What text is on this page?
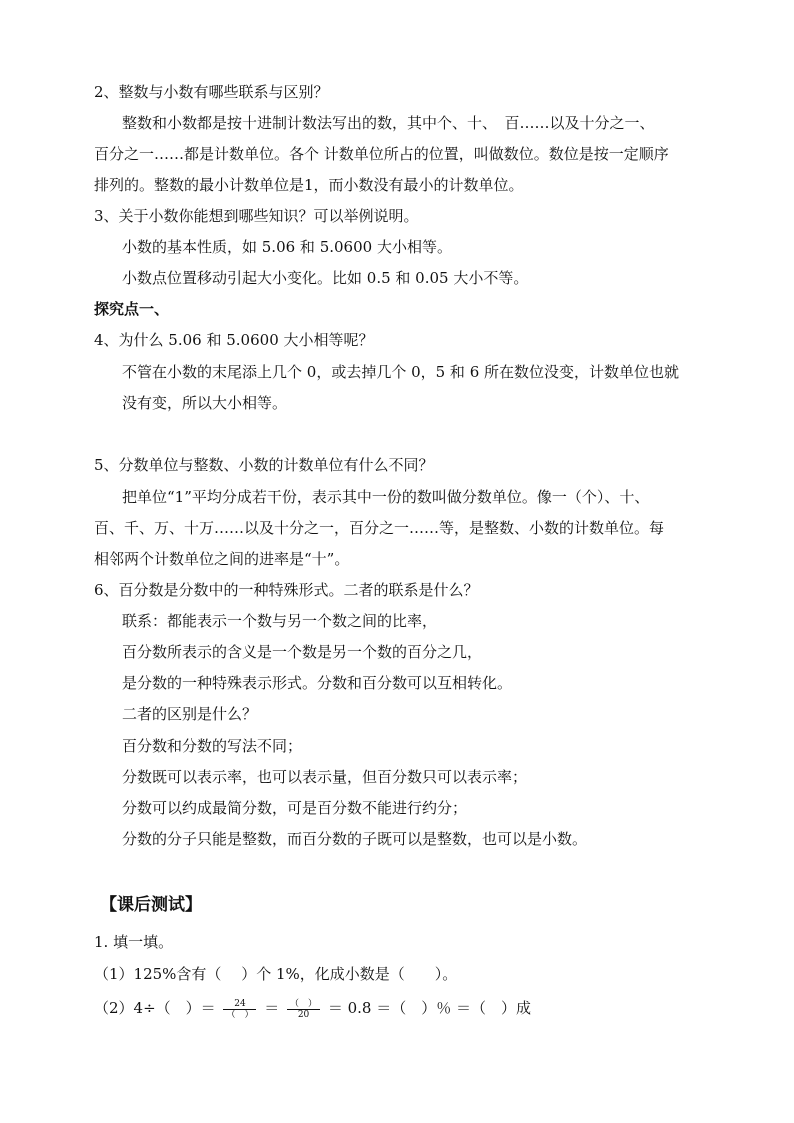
2、整数与小数有哪些联系与区别？
整数和小数都是按十进制计数法写出的数，其中个、十、　百……以及十分之一、
百分之一……都是计数单位。各个 计数单位所占的位置，叫做数位。数位是按一定顺序
排列的。整数的最小计数单位是1，而小数没有最小的计数单位。
3、关于小数你能想到哪些知识？可以举例说明。
小数的基本性质，如 5.06 和 5.0600 大小相等。
小数点位置移动引起大小变化。比如 0.5 和 0.05 大小不等。
探究点一、
4、为什么 5.06 和 5.0600 大小相等呢？
不管在小数的末尾添上几个 0，或去掉几个 0，5 和 6 所在数位没变，计数单位也就
没有变，所以大小相等。
5、分数单位与整数、小数的计数单位有什么不同？
把单位“1”平均分成若干份，表示其中一份的数叫做分数单位。像一（个）、十、
百、千、万、十万……以及十分之一，百分之一……等，是整数、小数的计数单位。每
相邻两个计数单位之间的进率是“十”。
6、百分数是分数中的一种特殊形式。二者的联系是什么？
联系：都能表示一个数与另一个数之间的比率，
百分数所表示的含义是一个数是另一个数的百分之几，
是分数的一种特殊表示形式。分数和百分数可以互相转化。
二者的区别是什么？
百分数和分数的写法不同；
分数既可以表示率，也可以表示量，但百分数只可以表示率；
分数可以约成最简分数，可是百分数不能进行约分；
分数的分子只能是整数，而百分数的子既可以是整数，也可以是小数。
【课后测试】
1. 填一填。
（1）125%含有（　 ）个 1%，化成小数是（　　）。
（2）4÷（　）＝ $\frac{24}{( )} = \frac{( )}{20} = 0.8$ ＝（　）％ ＝（　）成
